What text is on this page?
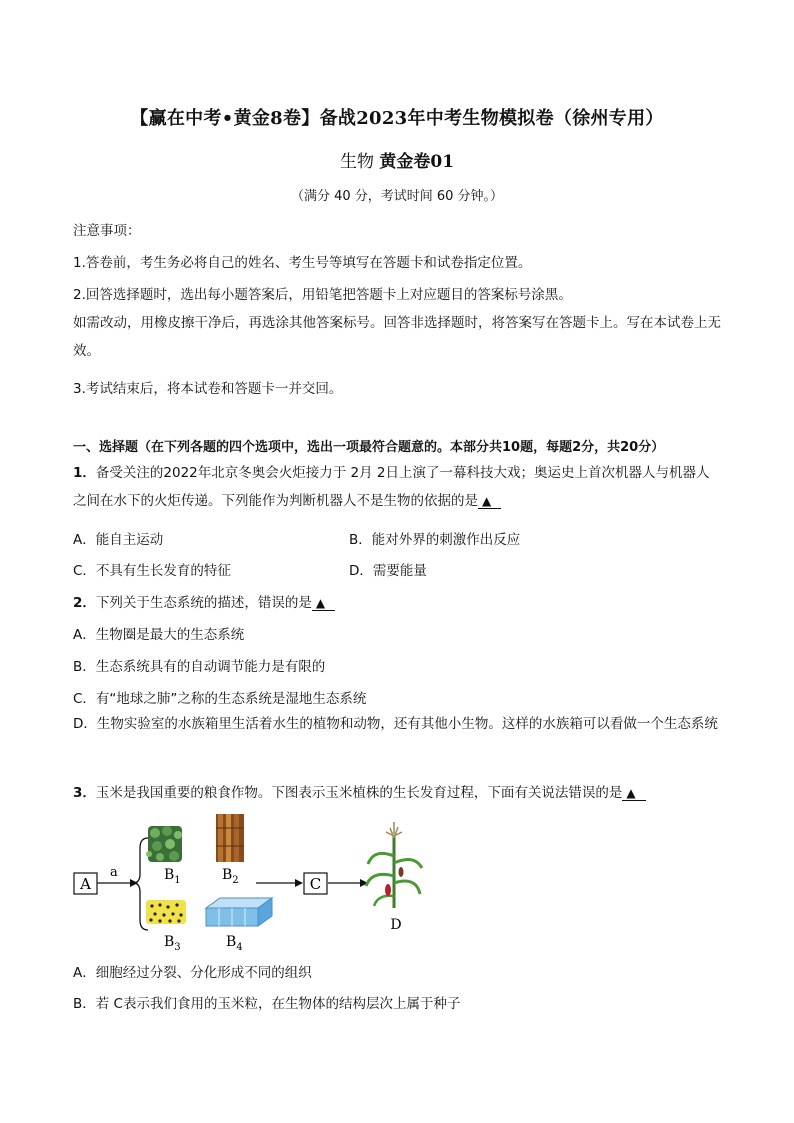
【赢在中考•黄金8卷】备战2023年中考生物模拟卷（徐州专用）
生物 黄金卷01
（满分 40 分，考试时间 60 分钟。）
注意事项：
1.答卷前，考生务必将自己的姓名、考生号等填写在答题卡和试卷指定位置。
2.回答选择题时，选出每小题答案后，用铅笔把答题卡上对应题目的答案标号涂黑。
如需改动，用橡皮擦干净后，再选涂其他答案标号。回答非选择题时，将答案写在答题卡上。写在本试卷上无效。
3.考试结束后，将本试卷和答题卡一并交回。
一、选择题（在下列各题的四个选项中，选出一项最符合题意的。本部分共10题，每题2分，共20分）
1．备受关注的2022年北京冬奥会火炬接力于 2月 2日上演了一幕科技大戏；奥运史上首次机器人与机器人之间在水下的火炬传递。下列能作为判断机器人不是生物的依据的是 ▲
A．能自主运动	B．能对外界的刺激作出反应
C．不具有生长发育的特征	D．需要能量
2．下列关于生态系统的描述，错误的是 ▲
A．生物圈是最大的生态系统
B．生态系统具有的自动调节能力是有限的
C．有“地球之肺”之称的生态系统是湿地生态系统
D．生物实验室的水族箱里生活着水生的植物和动物，还有其他小生物。这样的水族箱可以看做一个生态系统
3．玉米是我国重要的粮食作物。下图表示玉米植株的生长发育过程，下面有关说法错误的是 ▲
A
a	$B_1$	$B_2$
$B_3$	$B_4$
C
D
A．细胞经过分裂、分化形成不同的组织
B．若 C表示我们食用的玉米粒，在生物体的结构层次上属于种子
